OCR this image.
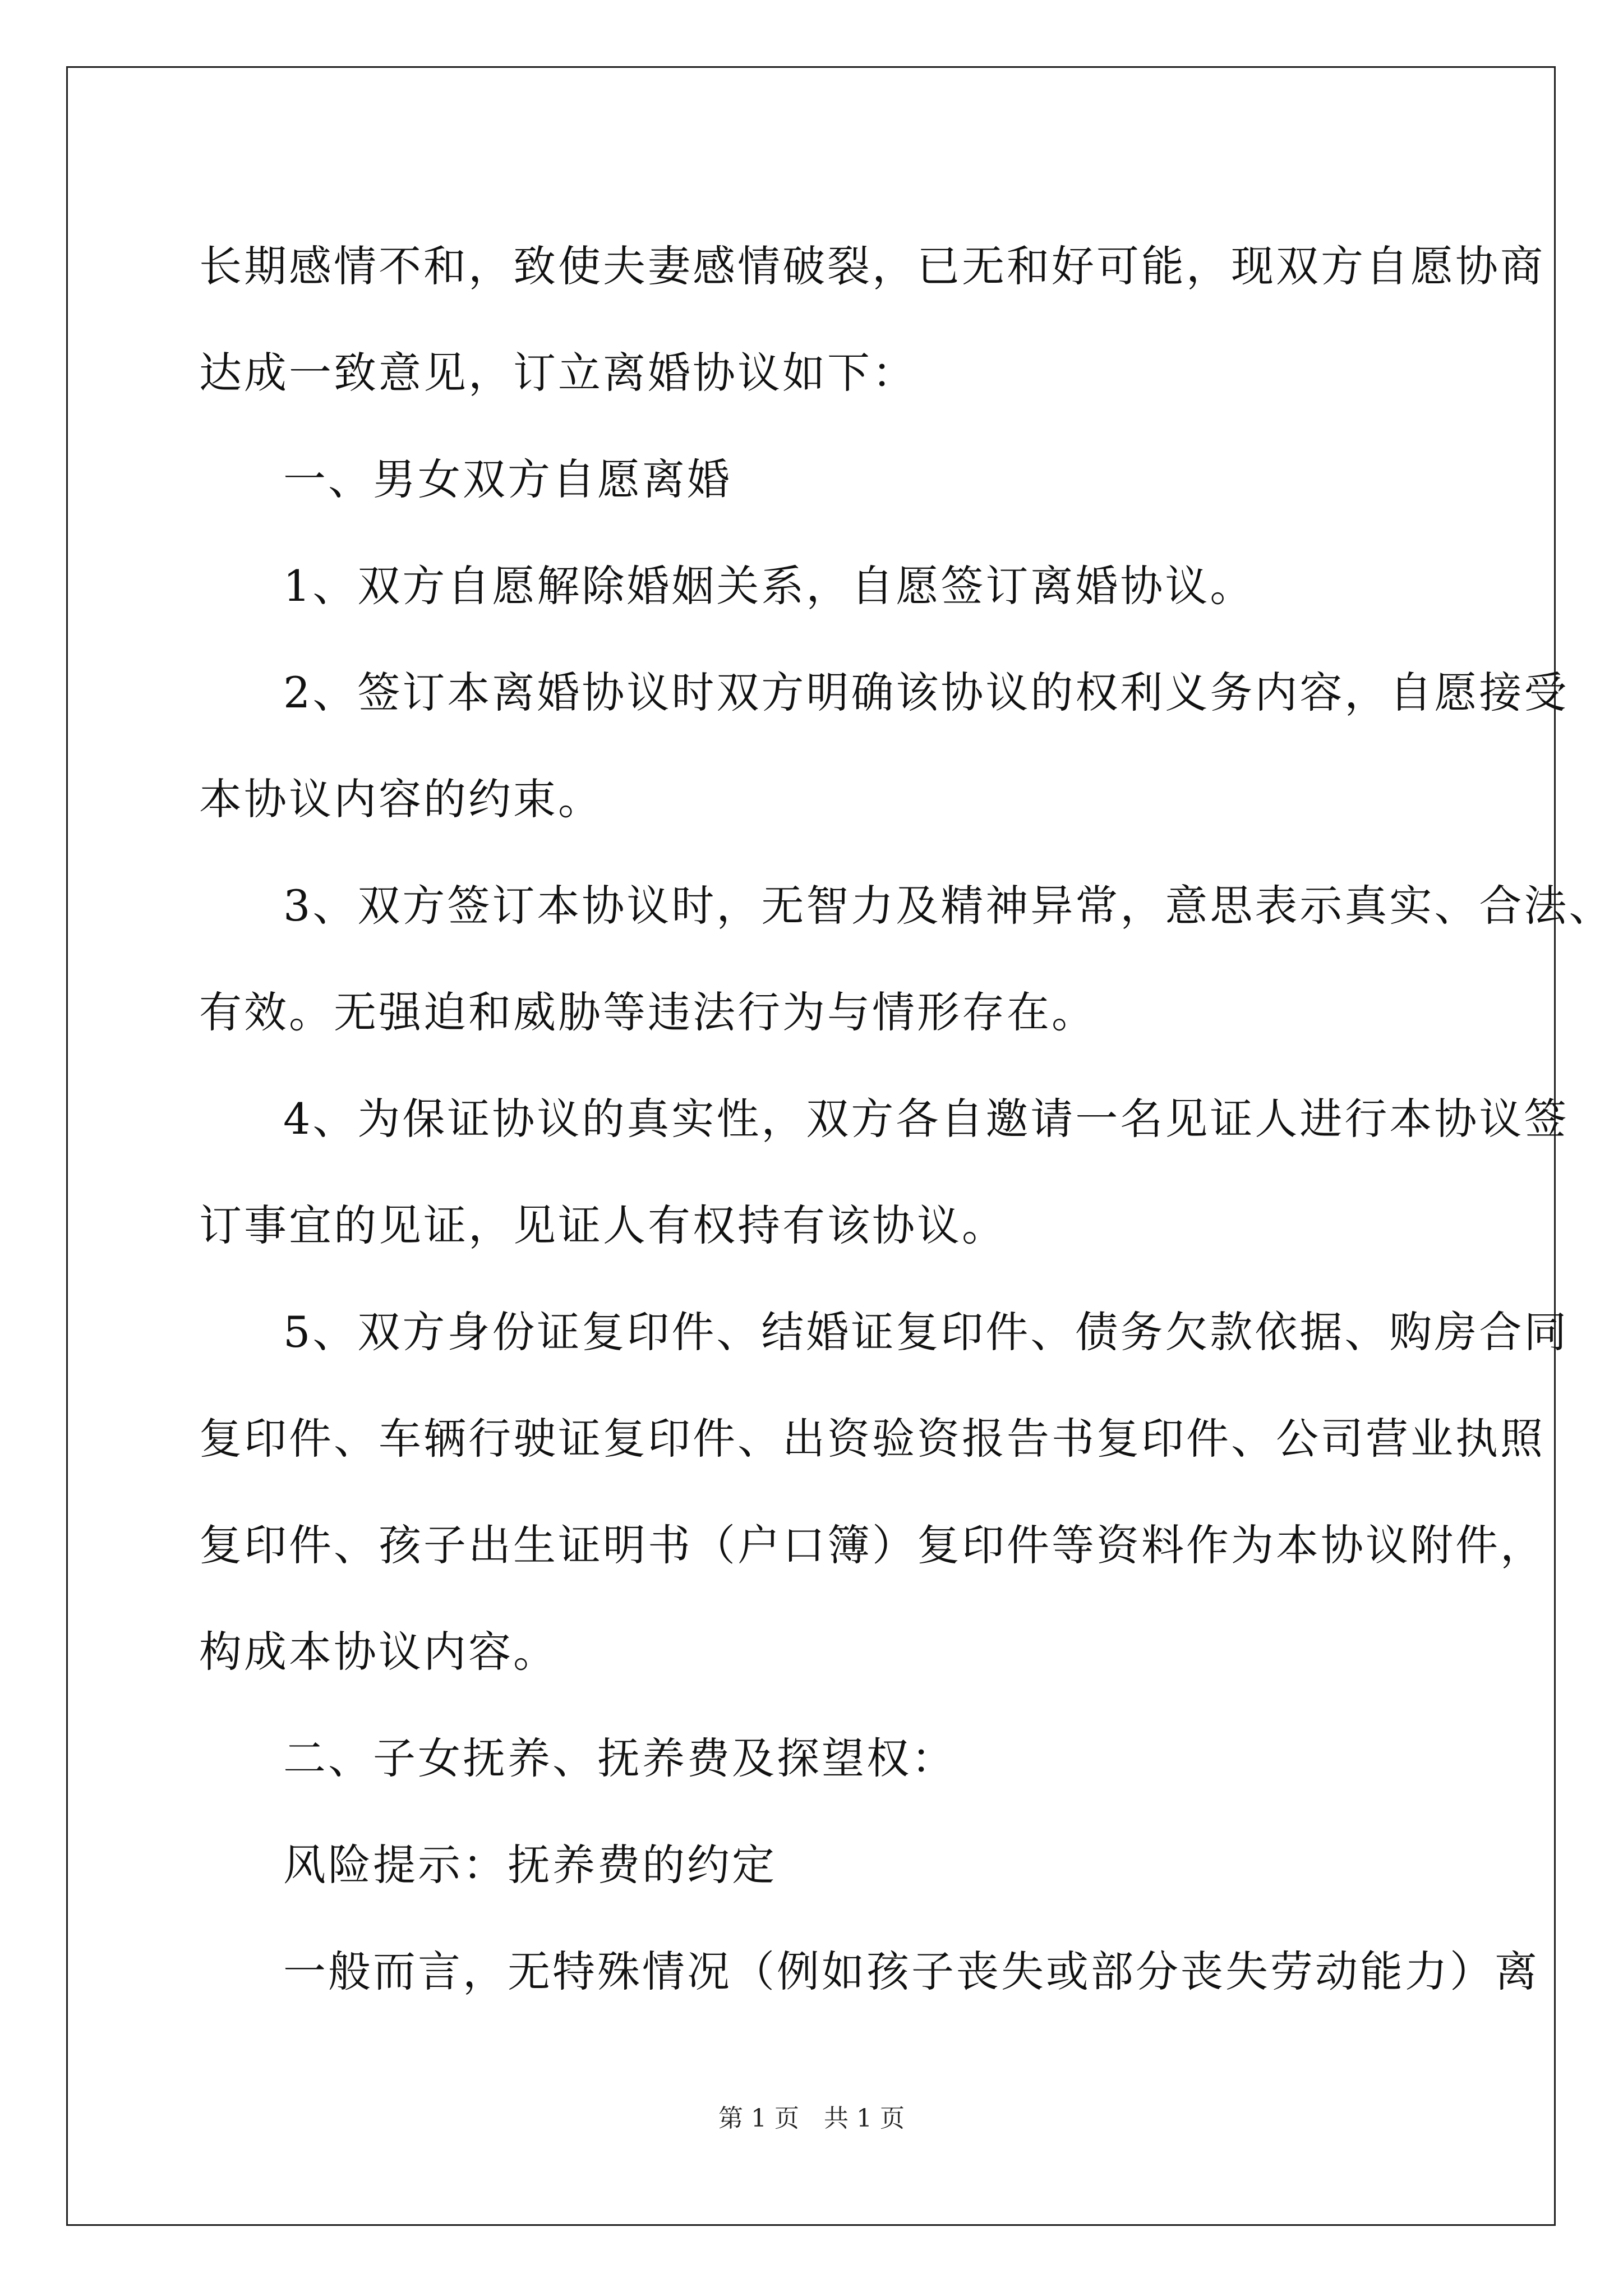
长期感情不和，致使夫妻感情破裂，已无和好可能，现双方自愿协商
达成一致意见，订立离婚协议如下：
一、男女双方自愿离婚
1、双方自愿解除婚姻关系，自愿签订离婚协议。
2、签订本离婚协议时双方明确该协议的权利义务内容，自愿接受
本协议内容的约束。
3、双方签订本协议时，无智力及精神异常，意思表示真实、合法、
有效。无强迫和威胁等违法行为与情形存在。
4、为保证协议的真实性，双方各自邀请一名见证人进行本协议签
订事宜的见证，见证人有权持有该协议。
5、双方身份证复印件、结婚证复印件、债务欠款依据、购房合同
复印件、车辆行驶证复印件、出资验资报告书复印件、公司营业执照
复印件、孩子出生证明书（户口簿）复印件等资料作为本协议附件，
构成本协议内容。
二、子女抚养、抚养费及探望权：
风险提示：抚养费的约定
一般而言，无特殊情况（例如孩子丧失或部分丧失劳动能力）离
第 1 页　共 1 页
